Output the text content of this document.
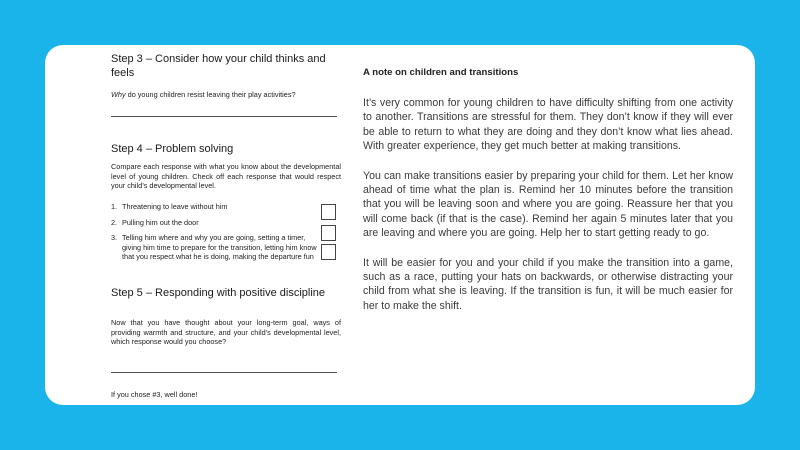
Step 3 – Consider how your child thinks and feels
Why do young children resist leaving their play activities?
Step 4 – Problem solving
Compare each response with what you know about the developmental level of young children. Check off each response that would respect your child’s developmental level.
1. Threatening to leave without him
2. Pulling him out the door
3. Telling him where and why you are going, setting a timer, giving him time to prepare for the transition, letting him know that you respect what he is doing, making the departure fun
Step 5 – Responding with positive discipline
Now that you have thought about your long-term goal, ways of providing warmth and structure, and your child’s developmental level, which response would you choose?
If you chose #3, well done!
A note on children and transitions

It’s very common for young children to have difficulty shifting from one activity to another. Transitions are stressful for them. They don’t know if they will ever be able to return to what they are doing and they don’t know what lies ahead. With greater experience, they get much better at making transitions.

You can make transitions easier by preparing your child for them. Let her know ahead of time what the plan is. Remind her 10 minutes before the transition that you will be leaving soon and where you are going. Reassure her that you will come back (if that is the case). Remind her again 5 minutes later that you are leaving and where you are going. Help her to start getting ready to go.

It will be easier for you and your child if you make the transition into a game, such as a race, putting your hats on backwards, or otherwise distracting your child from what she is leaving. If the transition is fun, it will be much easier for her to make the shift.
